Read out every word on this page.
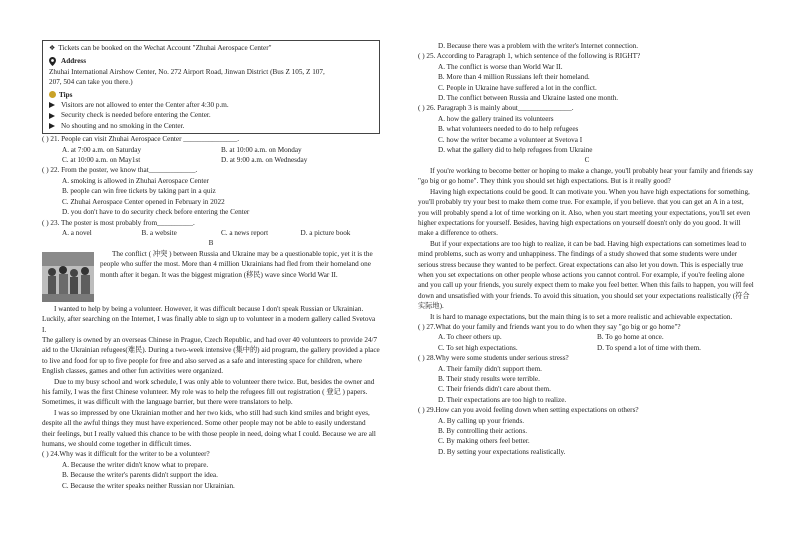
❖ Tickets can be booked on the Wechat Account "Zhuhai Aerospace Center"

Address

Zhuhai International Airshow Center, No. 272 Airport Road, Jinwan District (Bus Z 105, Z 107,

207, 504 can take you there.)

Tips

Visitors are not allowed to enter the Center after 4:30 p.m.

Security check is needed before entering the Center.

No shouting and no smoking in the Center.

( ) 21. People can visit Zhuhai Aerospace Center _______________.

A. at 7:00 a.m. on Saturday	B. at 10:00 a.m. on Monday
C. at 10:00 a.m. on May1st	D. at 9:00 a.m. on Wednesday

( ) 22. From the poster, we know that_____________.

A. smoking is allowed in Zhuhai Aerospace Center

B. people can win free tickets by taking part in a quiz

C. Zhuhai Aerospace Center opened in February in 2022

D. you don't have to do security check before entering the Center

( ) 23. The poster is most probably from__________.

A. a novel	B. a website	C. a news report	D. a picture book

B

The conflict ( 冲突 ) between Russia and Ukraine may be a questionable topic, yet it is the people who suffer the most. More than 4 million Ukrainians had fled from their homeland one month after it began. It was the biggest migration (移民) wave since World War II.

I wanted to help by being a volunteer. However, it was difficult because I don't speak Russian or Ukrainian. Luckily, after searching on the Internet, I was finally able to sign up to volunteer in a modern gallery called Svetova I.

The gallery is owned by an overseas Chinese in Prague, Czech Republic, and had over 40 volunteers to provide 24/7 aid to the Ukrainian refugees(难民). During a two-week intensive (集中的) aid program, the gallery provided a place to live and food for up to five people for free and also served as a safe and interesting space for children, where English classes, games and other fun activities were organized.

Due to my busy school and work schedule, I was only able to volunteer there twice. But, besides the owner and his family, I was the first Chinese volunteer. My role was to help the refugees fill out registration ( 登记 ) papers. Sometimes, it was difficult with the language barrier, but there were translators to help.

I was so impressed by one Ukrainian mother and her two kids, who still had such kind smiles and bright eyes, despite all the awful things they must have experienced. Some other people may not be able to easily understand their feelings, but I really valued this chance to be with those people in need, doing what I could. Because we are all humans, we should come together in difficult times.

( ) 24.Why was it difficult for the writer to be a volunteer?

A. Because the writer didn't know what to prepare.

B. Because the writer's parents didn't support the idea.

C. Because the writer speaks neither Russian nor Ukrainian.

D. Because there was a problem with the writer's Internet connection.

( ) 25. According to Paragraph 1, which sentence of the following is RIGHT?

A. The conflict is worse than World War II.

B. More than 4 million Russians left their homeland.

C. People in Ukraine have suffered a lot in the conflict.

D. The conflict between Russia and Ukraine lasted one month.

( ) 26. Paragraph 3 is mainly about_______________.

A. how the gallery trained its volunteers

B. what volunteers needed to do to help refugees

C. how the writer became a volunteer at Svetova I

D. what the gallery did to help refugees from Ukraine

C

If you're working to become better or hoping to make a change, you'll probably hear your family and friends say "go big or go home". They think you should set high expectations. But is it really good?

Having high expectations could be good. It can motivate you. When you have high expectations for something, you'll probably try your best to make them come true. For example, if you believe. that you can get an A in a test, you will probably spend a lot of time working on it. Also, when you start meeting your expectations, you'll set even higher expectations for yourself. Besides, having high expectations on yourself doesn't only do you good. It will make a difference to others.

But if your expectations are too high to realize, it can be bad. Having high expectations can sometimes lead to mind problems, such as worry and unhappiness. The findings of a study showed that some students were under serious stress because they wanted to be perfect. Great expectations can also let you down. This is especially true when you set expectations on other people whose actions you cannot control. For example, if you're feeling alone and you call up your friends, you surely expect them to make you feel better. When this fails to happen, you will feel down and unsatisfied with your friends. To avoid this situation, you should set your expectations realistically (符合实际地).

It is hard to manage expectations, but the main thing is to set a more realistic and achievable expectation.

( ) 27.What do your family and friends want you to do when they say "go big or go home"?

A. To cheer others up.	B. To go home at once.
C. To set high expectations.	D. To spend a lot of time with them.

( ) 28.Why were some students under serious stress?

A. Their family didn't support them.

B. Their study results were terrible.

C. Their friends didn't care about them.

D. Their expectations are too high to realize.

( ) 29.How can you avoid feeling down when setting expectations on others?

A. By calling up your friends.

B. By controlling their actions.

C. By making others feel better.

D. By setting your expectations realistically.
